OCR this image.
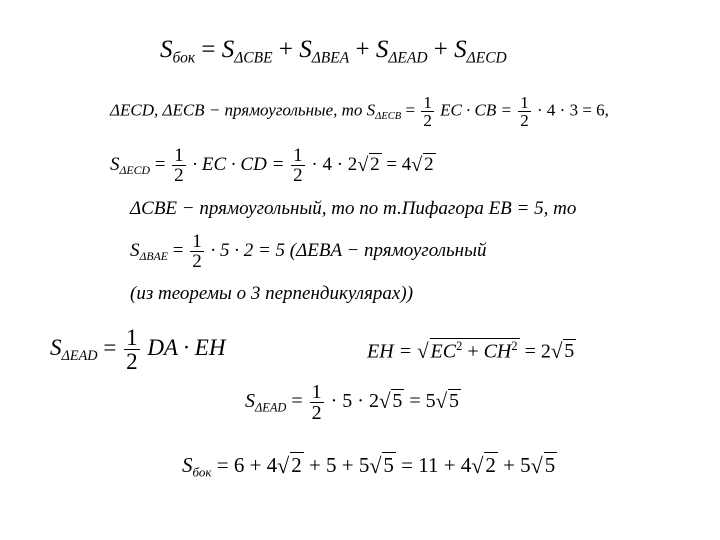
$S_{бок} = S_{\Delta CBE} + S_{\Delta BEA} + S_{\Delta EAD} + S_{\Delta ECD}$
ΔECD, ΔECB − прямоугольные, то $S_{\Delta ECB} = \frac{1}{2}$ EC · CB = $\frac{1}{2} \cdot 4 \cdot 3 = 6$,
$S_{\Delta ECD} = \frac{1}{2}$ · EC · CD = $\frac{1}{2} \cdot 4 \cdot 2$ √ 2 = 4 √ 2
ΔCBE − прямоугольный, то по т.Пифагора EB = 5, то
$S_{\Delta BAE} = \frac{1}{2} \cdot 5 \cdot 2 = 5$ (ΔEBA − прямоугольный
(из теоремы о 3 перпендикулярах))
$S_{\Delta EAD} = \frac{1}{2}$ DA · EH	EH = √ $EC^2 + CH^2 = 2$ √ 5
$S_{\Delta EAD} = \frac{1}{2} \cdot 5 \cdot 2$ √ 5 = 5 √ 5
$S_{бок} = 6 + 4$ √ 2 + 5 + 5 √ 5 = 11 + 4 √ 2 + 5 √ 5
